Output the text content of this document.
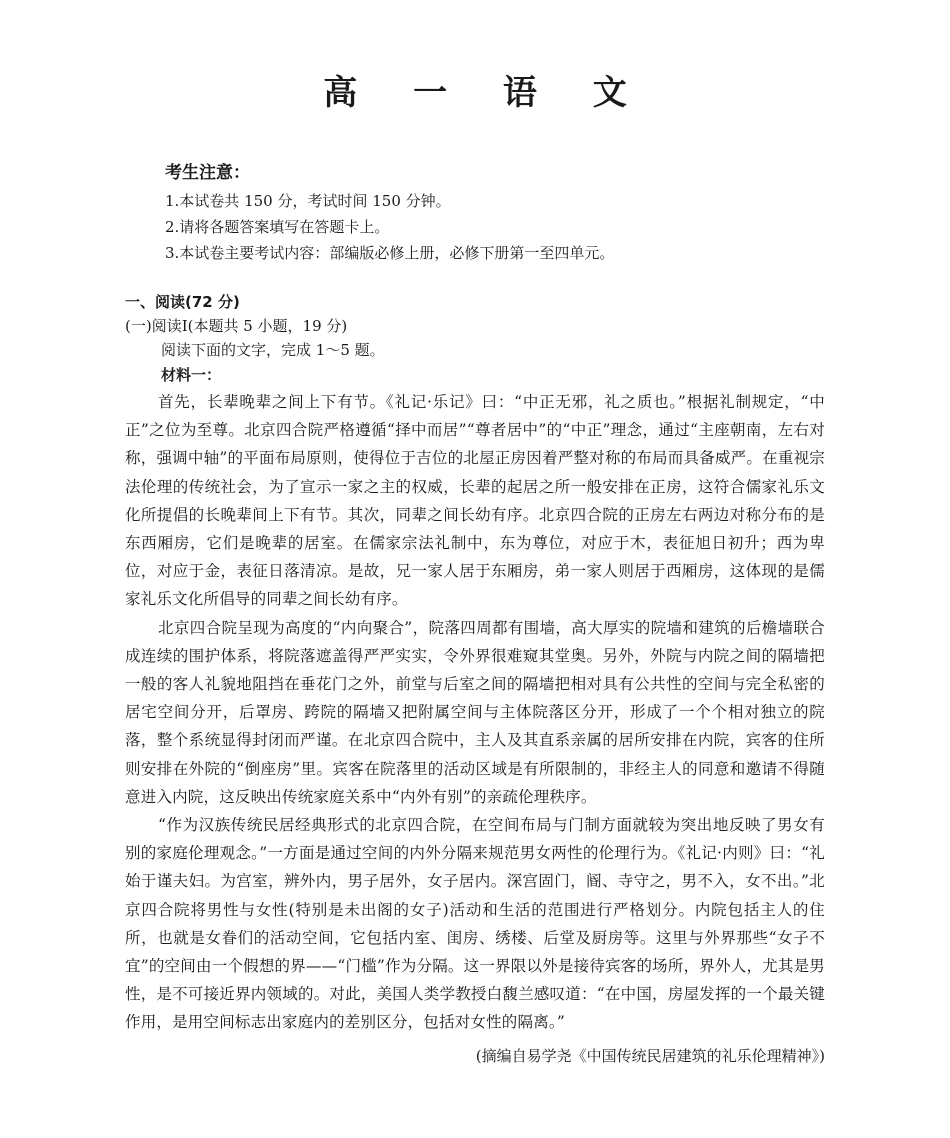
高 一 语 文
考生注意：
1.本试卷共 150 分，考试时间 150 分钟。
2.请将各题答案填写在答题卡上。
3.本试卷主要考试内容：部编版必修上册，必修下册第一至四单元。
一、阅读(72 分)
(一)阅读Ⅰ(本题共 5 小题，19 分)
阅读下面的文字，完成 1～5 题。
材料一：

首先，长辈晚辈之间上下有节。《礼记·乐记》曰：“中正无邪，礼之质也。”根据礼制规定，“中正”之位为至尊。北京四合院严格遵循“择中而居”“尊者居中”的“中正”理念，通过“主座朝南，左右对称，强调中轴”的平面布局原则，使得位于吉位的北屋正房因着严整对称的布局而具备威严。在重视宗法伦理的传统社会，为了宣示一家之主的权威，长辈的起居之所一般安排在正房，这符合儒家礼乐文化所提倡的长晚辈间上下有节。其次，同辈之间长幼有序。北京四合院的正房左右两边对称分布的是东西厢房，它们是晚辈的居室。在儒家宗法礼制中，东为尊位，对应于木，表征旭日初升；西为卑位，对应于金，表征日落清凉。是故，兄一家人居于东厢房，弟一家人则居于西厢房，这体现的是儒家礼乐文化所倡导的同辈之间长幼有序。

北京四合院呈现为高度的“内向聚合”，院落四周都有围墙，高大厚实的院墙和建筑的后檐墙联合成连续的围护体系，将院落遮盖得严严实实，令外界很难窥其堂奥。另外，外院与内院之间的隔墙把一般的客人礼貌地阻挡在垂花门之外，前堂与后室之间的隔墙把相对具有公共性的空间与完全私密的居宅空间分开，后罩房、跨院的隔墙又把附属空间与主体院落区分开，形成了一个个相对独立的院落，整个系统显得封闭而严谨。在北京四合院中，主人及其直系亲属的居所安排在内院，宾客的住所则安排在外院的“倒座房”里。宾客在院落里的活动区域是有所限制的，非经主人的同意和邀请不得随意进入内院，这反映出传统家庭关系中“内外有别”的亲疏伦理秩序。

“作为汉族传统民居经典形式的北京四合院，在空间布局与门制方面就较为突出地反映了男女有别的家庭伦理观念。”一方面是通过空间的内外分隔来规范男女两性的伦理行为。《礼记·内则》曰：“礼始于谨夫妇。为宫室，辨外内，男子居外，女子居内。深宫固门，阍、寺守之，男不入，女不出。”北京四合院将男性与女性(特别是未出阁的女子)活动和生活的范围进行严格划分。内院包括主人的住所，也就是女眷们的活动空间，它包括内室、闺房、绣楼、后堂及厨房等。这里与外界那些“女子不宜”的空间由一个假想的界——“门槛”作为分隔。这一界限以外是接待宾客的场所，界外人，尤其是男性，是不可接近界内领域的。对此，美国人类学教授白馥兰感叹道：“在中国，房屋发挥的一个最关键作用，是用空间标志出家庭内的差别区分，包括对女性的隔离。”

(摘编自易学尧《中国传统民居建筑的礼乐伦理精神》)
